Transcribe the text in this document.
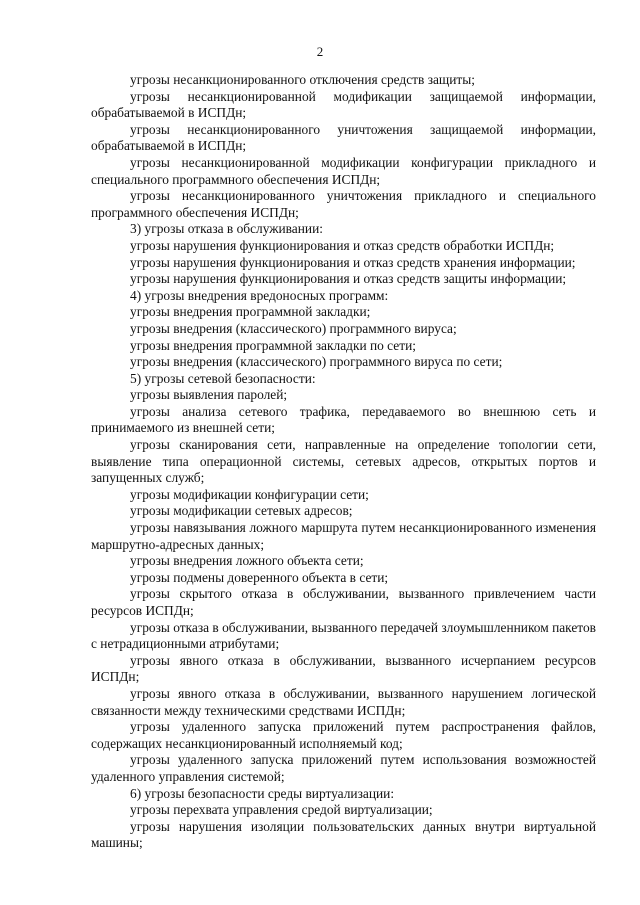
2

угрозы несанкционированного отключения средств защиты;

угрозы несанкционированной модификации защищаемой информации, обрабатываемой в ИСПДн;

угрозы несанкционированного уничтожения защищаемой информации, обрабатываемой в ИСПДн;

угрозы несанкционированной модификации конфигурации прикладного и специального программного обеспечения ИСПДн;

угрозы несанкционированного уничтожения прикладного и специального программного обеспечения ИСПДн;

3) угрозы отказа в обслуживании:

угрозы нарушения функционирования и отказ средств обработки ИСПДн;

угрозы нарушения функционирования и отказ средств хранения информации;

угрозы нарушения функционирования и отказ средств защиты информации;

4) угрозы внедрения вредоносных программ:

угрозы внедрения программной закладки;

угрозы внедрения (классического) программного вируса;

угрозы внедрения программной закладки по сети;

угрозы внедрения (классического) программного вируса по сети;

5) угрозы сетевой безопасности:

угрозы выявления паролей;

угрозы анализа сетевого трафика, передаваемого во внешнюю сеть и принимаемого из внешней сети;

угрозы сканирования сети, направленные на определение топологии сети, выявление типа операционной системы, сетевых адресов, открытых портов и запущенных служб;

угрозы модификации конфигурации сети;

угрозы модификации сетевых адресов;

угрозы навязывания ложного маршрута путем несанкционированного изменения маршрутно-адресных данных;

угрозы внедрения ложного объекта сети;

угрозы подмены доверенного объекта в сети;

угрозы скрытого отказа в обслуживании, вызванного привлечением части ресурсов ИСПДн;

угрозы отказа в обслуживании, вызванного передачей злоумышленником пакетов с нетрадиционными атрибутами;

угрозы явного отказа в обслуживании, вызванного исчерпанием ресурсов ИСПДн;

угрозы явного отказа в обслуживании, вызванного нарушением логической связанности между техническими средствами ИСПДн;

угрозы удаленного запуска приложений путем распространения файлов, содержащих несанкционированный исполняемый код;

угрозы удаленного запуска приложений путем использования возможностей удаленного управления системой;

6) угрозы безопасности среды виртуализации:

угрозы перехвата управления средой виртуализации;

угрозы нарушения изоляции пользовательских данных внутри виртуальной машины;
